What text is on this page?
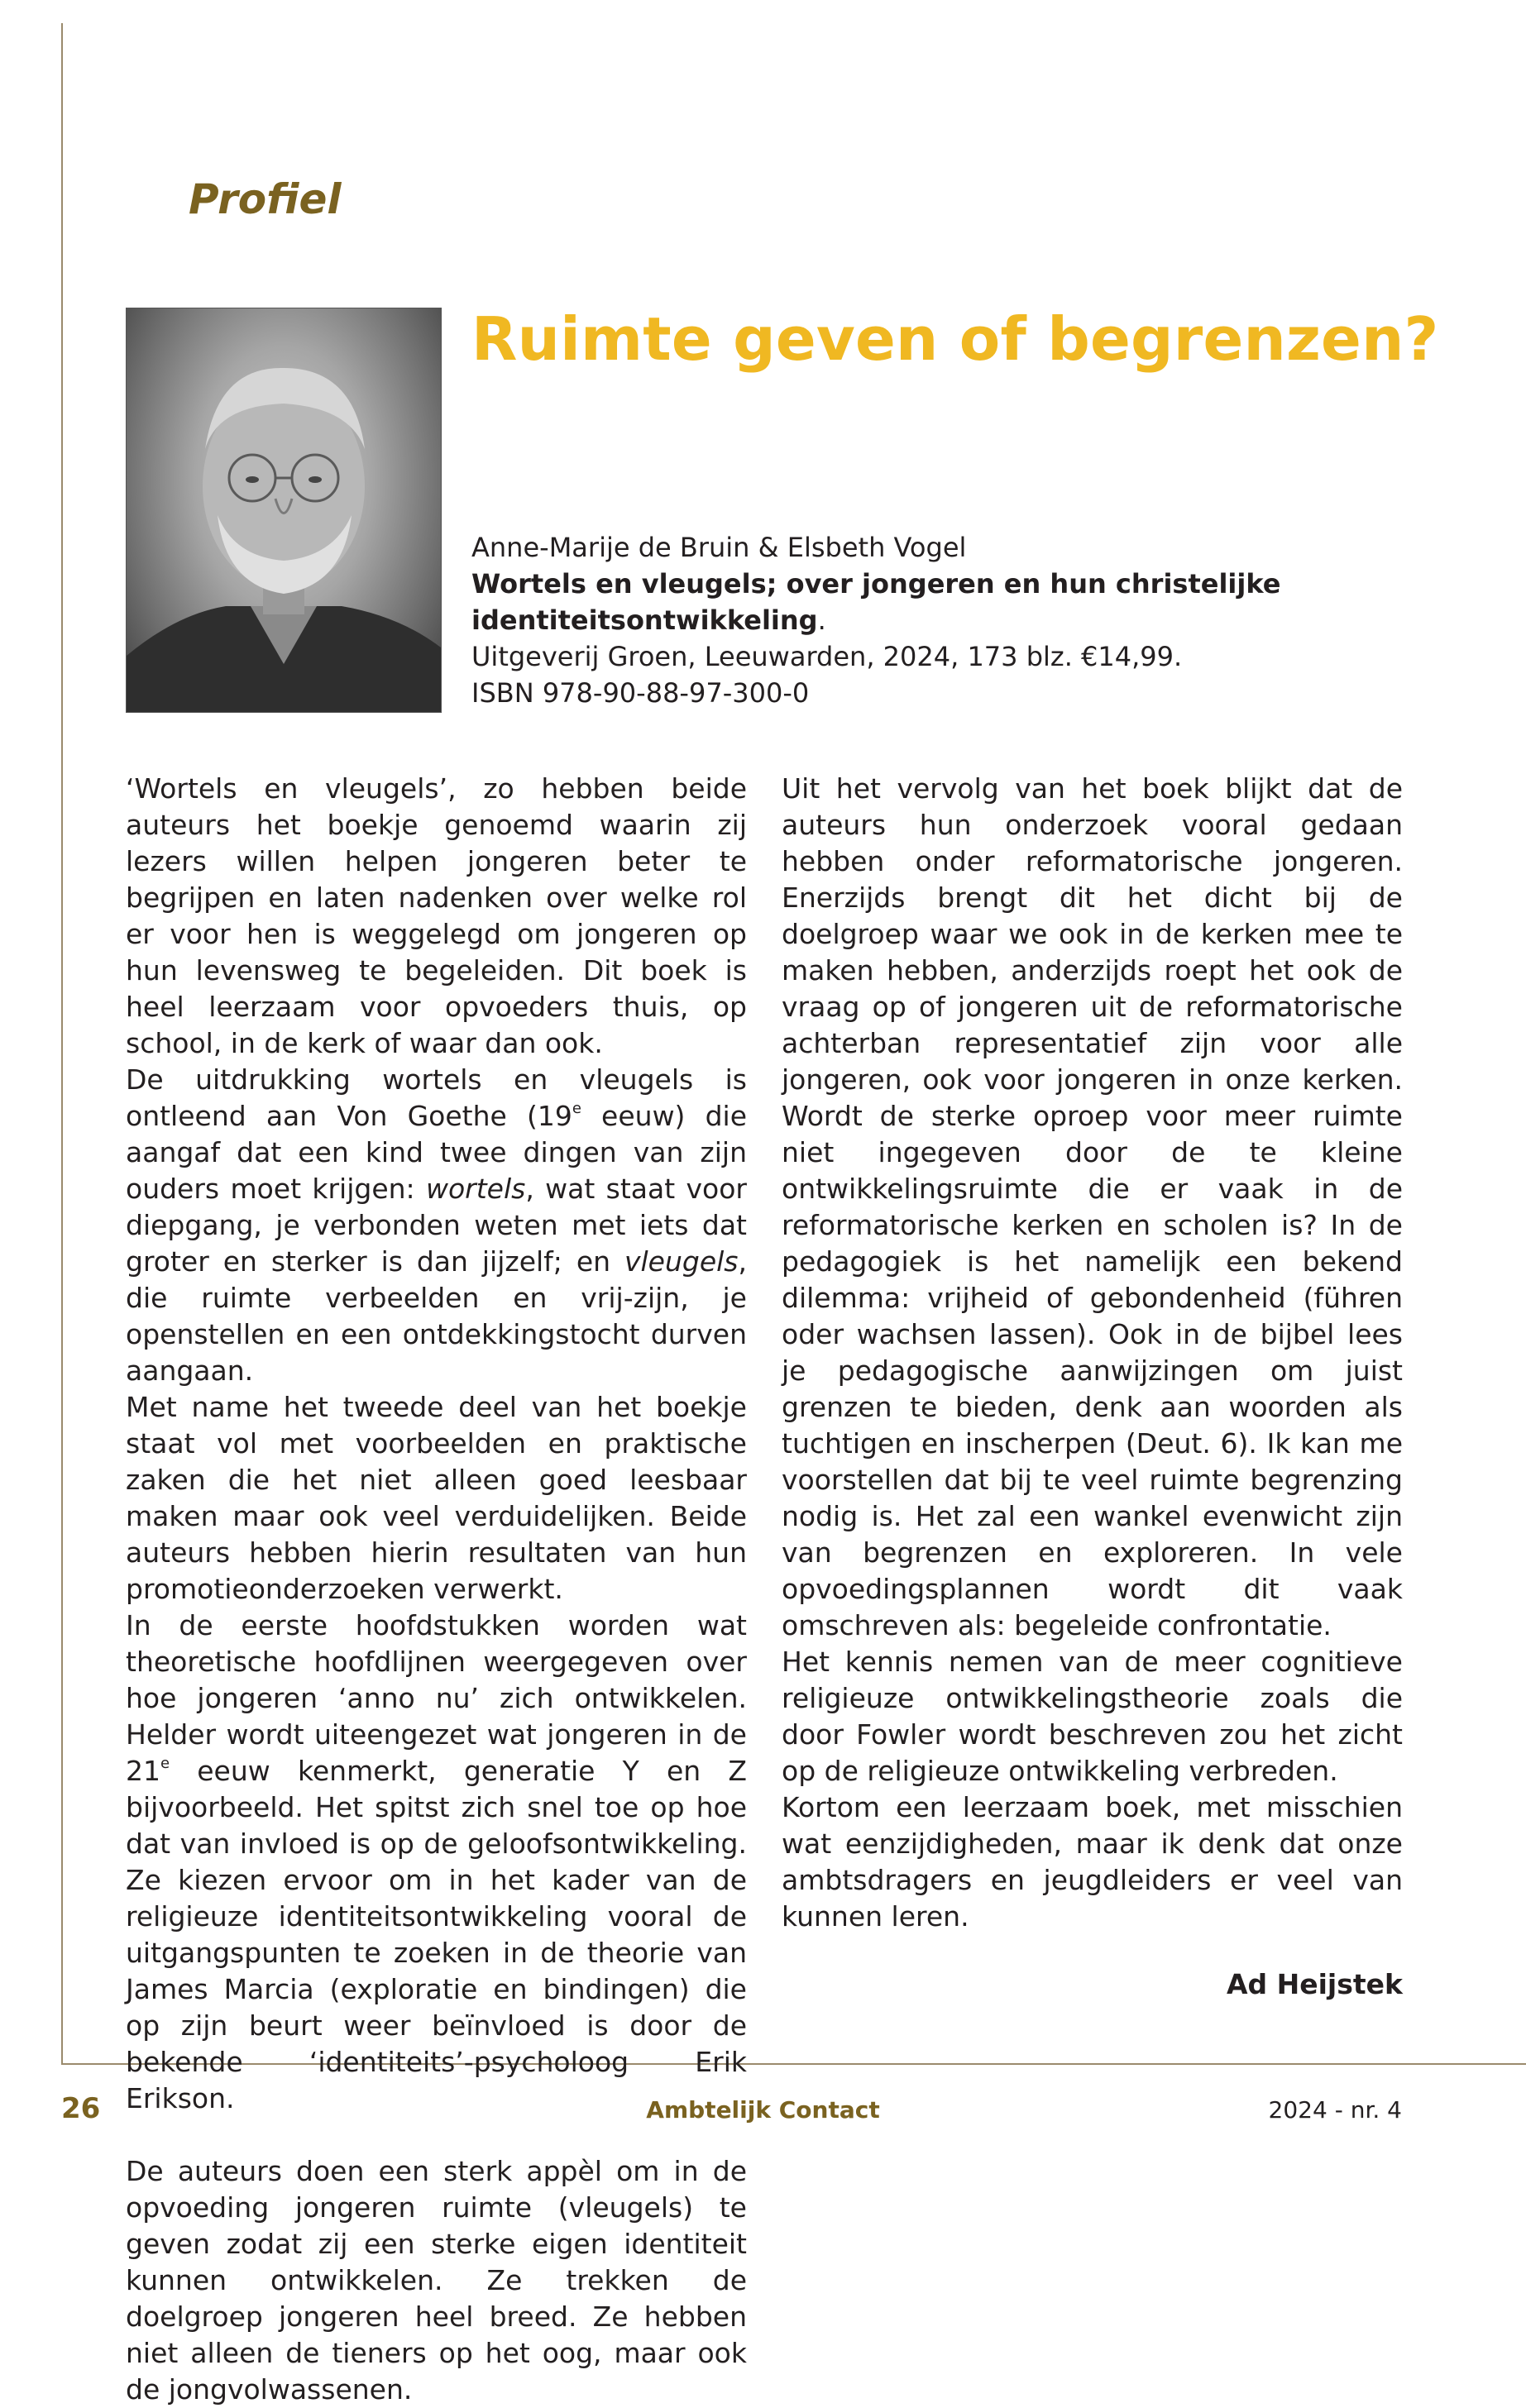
Profiel
Ruimte geven of begrenzen?
Anne-Marije de Bruin & Elsbeth Vogel
Wortels en vleugels; over jongeren en hun christelijke
identiteitsontwikkeling.
Uitgeverij Groen, Leeuwarden, 2024, 173 blz. €14,99.
ISBN 978-90-88-97-300-0

‘Wortels en vleugels’, zo hebben beide auteurs het boekje genoemd waarin zij lezers willen helpen jongeren beter te begrijpen en laten nadenken over welke rol er voor hen is weggelegd om jongeren op hun levensweg te begeleiden. Dit boek is heel leerzaam voor opvoeders thuis, op school, in de kerk of waar dan ook.

De uitdrukking wortels en vleugels is ontleend aan Von Goethe (19e eeuw) die aangaf dat een kind twee dingen van zijn ouders moet krijgen: wortels, wat staat voor diepgang, je verbonden weten met iets dat groter en sterker is dan jijzelf; en vleugels, die ruimte verbeelden en vrij-zijn, je openstellen en een ontdekkingstocht durven aangaan.

Met name het tweede deel van het boekje staat vol met voorbeelden en praktische zaken die het niet alleen goed leesbaar maken maar ook veel verduidelijken. Beide auteurs hebben hierin resultaten van hun promotieonderzoeken verwerkt.

In de eerste hoofdstukken worden wat theoretische hoofdlijnen weergegeven over hoe jongeren ‘anno nu’ zich ontwikkelen. Helder wordt uiteengezet wat jongeren in de 21e eeuw kenmerkt, generatie Y en Z bijvoorbeeld. Het spitst zich snel toe op hoe dat van invloed is op de geloofsontwikkeling. Ze kiezen ervoor om in het kader van de religieuze identiteitsontwikkeling vooral de uitgangspunten te zoeken in de theorie van James Marcia (exploratie en bindingen) die op zijn beurt weer beïnvloed is door de bekende ‘identiteits’-psycholoog Erik Erikson.

De auteurs doen een sterk appèl om in de opvoeding jongeren ruimte (vleugels) te geven zodat zij een sterke eigen identiteit kunnen ontwikkelen. Ze trekken de doelgroep jongeren heel breed. Ze hebben niet alleen de tieners op het oog, maar ook de jongvolwassenen.

Uit het vervolg van het boek blijkt dat de auteurs hun onderzoek vooral gedaan hebben onder reformatorische jongeren. Enerzijds brengt dit het dicht bij de doelgroep waar we ook in de kerken mee te maken hebben, anderzijds roept het ook de vraag op of jongeren uit de reformatorische achterban representatief zijn voor alle jongeren, ook voor jongeren in onze kerken. Wordt de sterke oproep voor meer ruimte niet ingegeven door de te kleine ontwikkelingsruimte die er vaak in de reformatorische kerken en scholen is? In de pedagogiek is het namelijk een bekend dilemma: vrijheid of gebondenheid (führen oder wachsen lassen). Ook in de bijbel lees je pedagogische aanwijzingen om juist grenzen te bieden, denk aan woorden als tuchtigen en inscherpen (Deut. 6). Ik kan me voorstellen dat bij te veel ruimte begrenzing nodig is. Het zal een wankel evenwicht zijn van begrenzen en exploreren. In vele opvoedingsplannen wordt dit vaak omschreven als: begeleide confrontatie.

Het kennis nemen van de meer cognitieve religieuze ontwikkelingstheorie zoals die door Fowler wordt beschreven zou het zicht op de religieuze ontwikkeling verbreden.

Kortom een leerzaam boek, met misschien wat eenzijdigheden, maar ik denk dat onze ambtsdragers en jeugdleiders er veel van kunnen leren.

Ad Heijstek
26	Ambtelijk Contact	2024 - nr. 4
